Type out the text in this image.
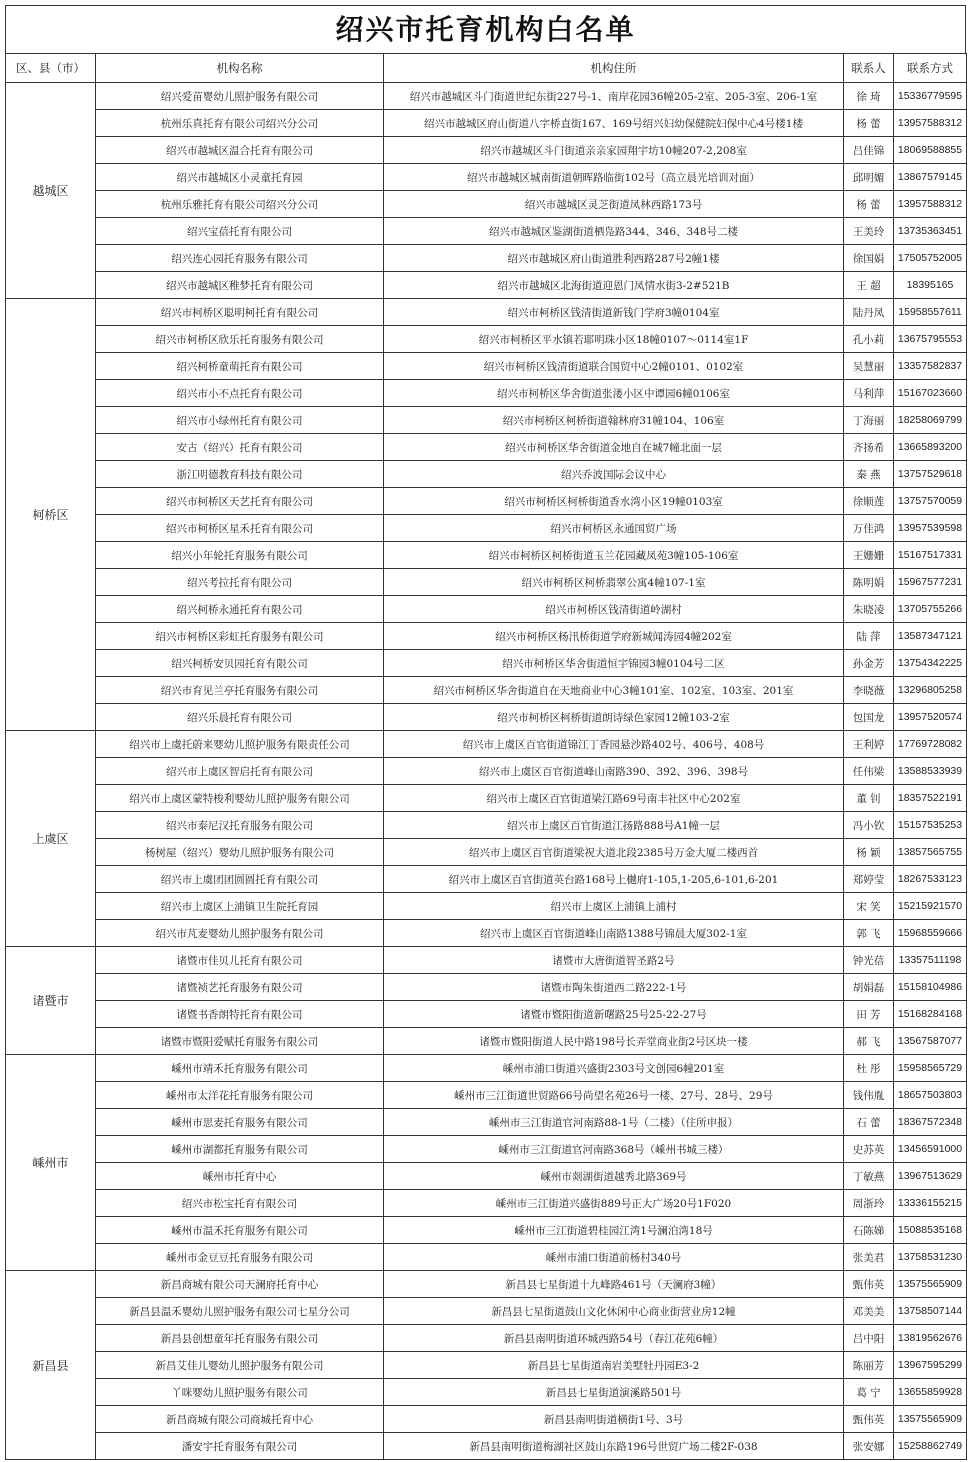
绍兴市托育机构白名单
区、县（市）	机构名称	机构住所	联系人	联系方式
越城区	绍兴爱苗婴幼儿照护服务有限公司	绍兴市越城区斗门街道世纪东街227号-1、南岸花园36幢205-2室、205-3室、206-1室	徐 琦	15336779595
	杭州乐真托育有限公司绍兴分公司	绍兴市越城区府山街道八字桥直街167、169号绍兴妇幼保健院妇保中心4号楼1楼	杨 蕾	13957588312
	绍兴市越城区温合托育有限公司	绍兴市越城区斗门街道亲亲家园翔宇坊10幢207-2,208室	吕佳锦	18069588855
	绍兴市越城区小灵童托育园	绍兴市越城区城南街道朝晖路临街102号（高立晨光培训对面）	邱明媚	13867579145
	杭州乐雅托育有限公司绍兴分公司	绍兴市越城区灵芝街道凤林西路173号	杨 蕾	13957588312
	绍兴宝蓓托育有限公司	绍兴市越城区鉴湖街道栖凫路344、346、348号二楼	王美玲	13735363451
	绍兴连心园托育服务有限公司	绍兴市越城区府山街道胜利西路287号2幢1楼	徐国娟	17505752005
	绍兴市越城区稚梦托育有限公司	绍兴市越城区北海街道迎恩门凤情水街3-2#521B	王 超	18395165
柯桥区	绍兴市柯桥区聪明柯托育有限公司	绍兴市柯桥区钱清街道新钱门学府3幢0104室	陆丹凤	15958557611
	绍兴市柯桥区欣乐托育服务有限公司	绍兴市柯桥区平水镇若耶明珠小区18幢0107～0114室1F	孔小莉	13675795553
	绍兴柯桥童萌托育有限公司	绍兴市柯桥区钱清街道联合国贸中心2幢0101、0102室	吴慧丽	13357582837
	绍兴市小不点托育有限公司	绍兴市柯桥区华舍街道张溇小区中谭园6幢0106室	马利萍	15167023660
	绍兴市小绿州托育有限公司	绍兴市柯桥区柯桥街道翰林府31幢104、106室	丁海丽	18258069799
	安古（绍兴）托育有限公司	绍兴市柯桥区华舍街道金地自在城7幢北面一层	齐扬希	13665893200
	浙江明德教育科技有限公司	绍兴乔波国际会议中心	秦 燕	13757529618
	绍兴市柯桥区天艺托育有限公司	绍兴市柯桥区柯桥街道香水湾小区19幢0103室	徐顺莲	13757570059
	绍兴市柯桥区星禾托育有限公司	绍兴市柯桥区永通国贸广场	万佳鸿	13957539598
	绍兴小年轮托育服务有限公司	绍兴市柯桥区柯桥街道玉兰花园藏凤苑3幢105-106室	王姗姗	15167517331
	绍兴考拉托育有限公司	绍兴市柯桥区柯桥翡翠公寓4幢107-1室	陈明娟	15967577231
	绍兴柯桥永通托育有限公司	绍兴市柯桥区钱清街道岭湖村	朱晓凌	13705755266
	绍兴市柯桥区彩虹托育服务有限公司	绍兴市柯桥区杨汛桥街道学府新城闻涛园4幢202室	陆 萍	13587347121
	绍兴柯桥安贝园托育有限公司	绍兴市柯桥区华舍街道恒宇锦园3幢0104号二区	孙金芳	13754342225
	绍兴市育见兰亭托育服务有限公司	绍兴市柯桥区华舍街道自在天地商业中心3幢101室、102室、103室、201室	李晓薇	13296805258
	绍兴乐晨托育有限公司	绍兴市柯桥区柯桥街道朗诗绿色家园12幢103-2室	包国龙	13957520574
上虞区	绍兴市上虞托蔚来婴幼儿照护服务有限责任公司	绍兴市上虞区百官街道锦江丁香园悬沙路402号、406号、408号	王利婷	17769728082
	绍兴市上虞区智启托育有限公司	绍兴市上虞区百官街道峰山南路390、392、396、398号	任伟梁	13588533939
	绍兴市上虞区蒙特梭利婴幼儿照护服务有限公司	绍兴市上虞区百官街道梁江路69号南丰社区中心202室	董 钊	18357522191
	绍兴市泰尼汉托育服务有限公司	绍兴市上虞区百官街道江扬路888号A1幢一层	冯小钦	15157535253
	杨树屋（绍兴）婴幼儿照护服务有限公司	绍兴市上虞区百官街道梁祝大道北段2385号万金大厦二楼西首	杨 颖	13857565755
	绍兴市上虞团团圆圆托育有限公司	绍兴市上虞区百官街道英台路168号上樾府1-105,1-205,6-101,6-201	郑婷莹	18267533123
	绍兴市上虞区上浦镇卫生院托育园	绍兴市上虞区上浦镇上浦村	宋 笑	15215921570
	绍兴市芃麦婴幼儿照护服务有限公司	绍兴市上虞区百官街道峰山南路1388号锦晨大厦302-1室	郭 飞	15968559666
诸暨市	诸暨市佳贝儿托育有限公司	诸暨市大唐街道智圣路2号	钟光蓓	13357511198
	诸暨祯艺托育服务有限公司	诸暨市陶朱街道西二路222-1号	胡娟磊	15158104986
	诸暨书香朗特托育有限公司	诸暨市暨阳街道新曙路25号25-22-27号	田 芳	15168284168
	诸暨市暨阳爱赋托育服务有限公司	诸暨市暨阳街道人民中路198号长弄堂商业街2号区块一楼	郝 飞	13567587077
嵊州市	嵊州市靖禾托育服务有限公司	嵊州市浦口街道兴盛街2303号文创园6幢201室	杜 彤	15958565729
	嵊州市太洋花托育服务有限公司	嵊州市三江街道世贸路66号尚望名苑26号一楼、27号、28号、29号	钱伟胤	18657503803
	嵊州市思麦托育服务有限公司	嵊州市三江街道官河南路88-1号（二楼）（住所申报）	石 蕾	18367572348
	嵊州市湖都托育服务有限公司	嵊州市三江街道官河南路368号（嵊州书城三楼）	史苏英	13456591000
	嵊州市托育中心	嵊州市剡湖街道越秀北路369号	丁敏燕	13967513629
	绍兴市松宝托育有限公司	嵊州市三江街道兴盛街889号正大广场20号1F020	周浙玲	13336155215
	嵊州市温禾托育服务有限公司	嵊州市三江街道碧桂园江湾1号澜泊湾18号	石陈娣	15088535168
	嵊州市金豆豆托育服务有限公司	嵊州市浦口街道前杨村340号	张美君	13758531230
新昌县	新昌商城有限公司天澜府托育中心	新昌县七星街道十九峰路461号（天澜府3幢）	甄伟英	13575565909
	新昌县温禾婴幼儿照护服务有限公司七星分公司	新昌县七星街道鼓山文化休闲中心商业街营业房12幢	邓美美	13758507144
	新昌县创想童年托育服务有限公司	新昌县南明街道环城西路54号（春江花苑6幢）	吕中阳	13819562676
	新昌艾佳儿婴幼儿照护服务有限公司	新昌县七星街道南岩美墅牡丹园E3-2	陈丽芳	13967595299
	丫咪婴幼儿照护服务有限公司	新昌县七星街道演溪路501号	葛 宁	13655859928
	新昌商城有限公司商城托育中心	新昌县南明街道横街1号、3号	甄伟英	13575565909
	潘安宇托育服务有限公司	新昌县南明街道梅湖社区鼓山东路196号世贸广场二楼2F-038	张安娜	15258862749
